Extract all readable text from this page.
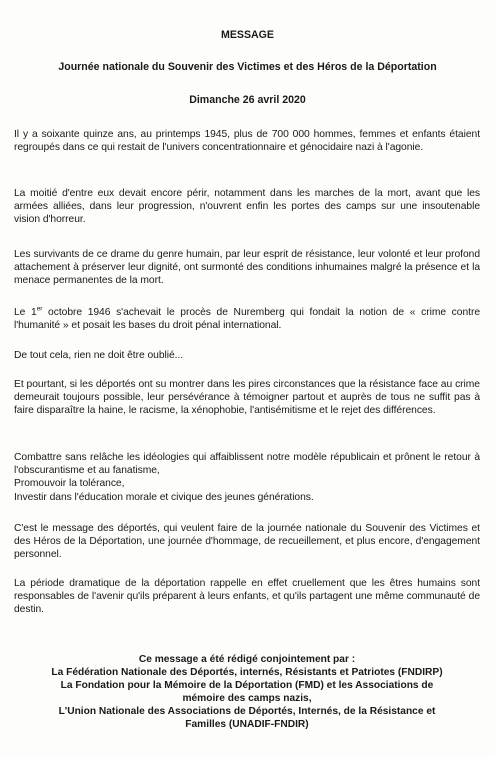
MESSAGE
Journée nationale du Souvenir des Victimes et des Héros de la Déportation
Dimanche 26 avril 2020

Il y a soixante quinze ans, au printemps 1945, plus de 700 000 hommes, femmes et enfants étaient regroupés dans ce qui restait de l'univers concentrationnaire et génocidaire nazi à l'agonie.

La moitié d'entre eux devait encore périr, notamment dans les marches de la mort, avant que les armées alliées, dans leur progression, n'ouvrent enfin les portes des camps sur une insoutenable vision d'horreur.

Les survivants de ce drame du genre humain, par leur esprit de résistance, leur volonté et leur profond attachement à préserver leur dignité, ont surmonté des conditions inhumaines malgré la présence et la menace permanentes de la mort.

Le 1er octobre 1946 s'achevait le procès de Nuremberg qui fondait la notion de « crime contre l'humanité » et posait les bases du droit pénal international.

De tout cela, rien ne doit être oublié...

Et pourtant, si les déportés ont su montrer dans les pires circonstances que la résistance face au crime demeurait toujours possible, leur persévérance à témoigner partout et auprès de tous ne suffit pas à faire disparaître la haine, le racisme, la xénophobie, l'antisémitisme et le rejet des différences.

Combattre sans relâche les idéologies qui affaiblissent notre modèle républicain et prônent le retour à l'obscurantisme et au fanatisme,

Promouvoir la tolérance,

Investir dans l'éducation morale et civique des jeunes générations.

C'est le message des déportés, qui veulent faire de la journée nationale du Souvenir des Victimes et des Héros de la Déportation, une journée d'hommage, de recueillement, et plus encore, d'engagement personnel.

La période dramatique de la déportation rappelle en effet cruellement que les êtres humains sont responsables de l'avenir qu'ils préparent à leurs enfants, et qu'ils partagent une même communauté de destin.

Ce message a été rédigé conjointement par :
La Fédération Nationale des Déportés, internés, Résistants et Patriotes (FNDIRP)
La Fondation pour la Mémoire de la Déportation (FMD) et les Associations de
mémoire des camps nazis,
L'Union Nationale des Associations de Déportés, Internés, de la Résistance et
Familles (UNADIF-FNDIR)
